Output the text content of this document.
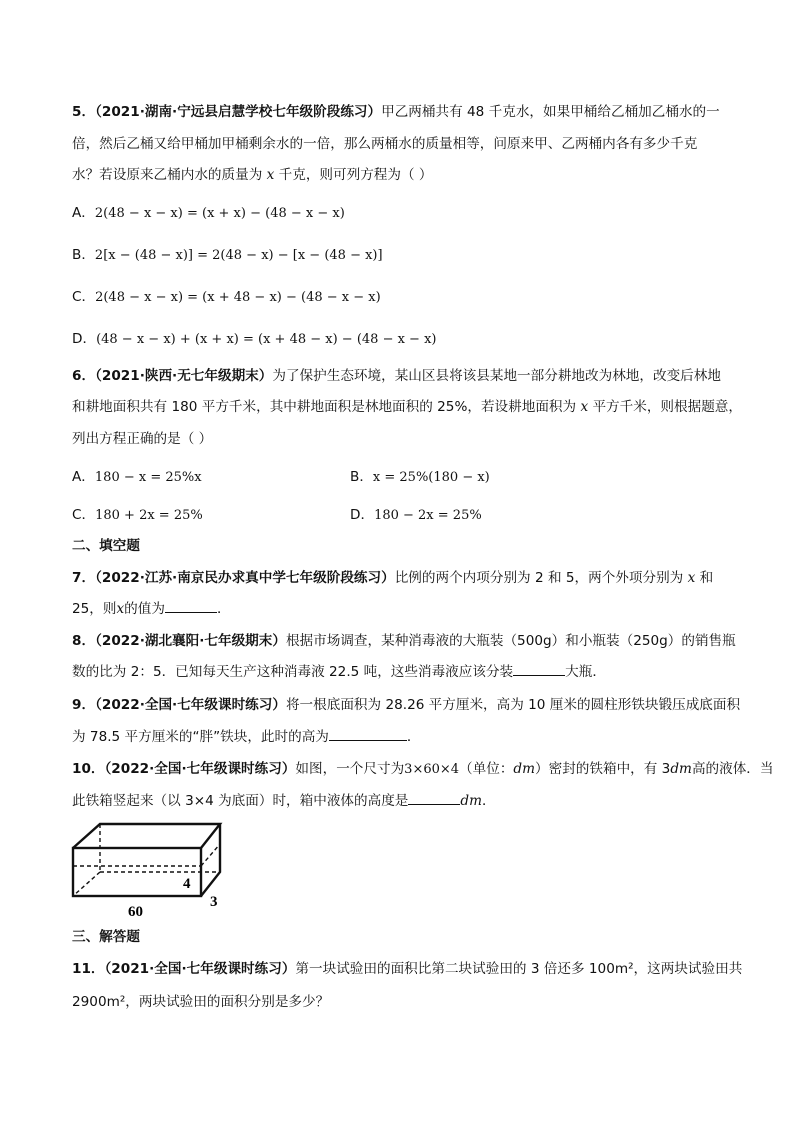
5．（2021·湖南·宁远县启慧学校七年级阶段练习）甲乙两桶共有 48 千克水，如果甲桶给乙桶加乙桶水的一
倍，然后乙桶又给甲桶加甲桶剩余水的一倍，那么两桶水的质量相等，问原来甲、乙两桶内各有多少千克
水？若设原来乙桶内水的质量为 x 千克，则可列方程为（ ）
A．2(48 − x − x) = (x + x) − (48 − x − x)
B．2[x − (48 − x)] = 2(48 − x) − [x − (48 − x)]
C．2(48 − x − x) = (x + 48 − x) − (48 − x − x)
D．(48 − x − x) + (x + x) = (x + 48 − x) − (48 − x − x)
6．（2021·陕西·无七年级期末）为了保护生态环境，某山区县将该县某地一部分耕地改为林地，改变后林地
和耕地面积共有 180 平方千米，其中耕地面积是林地面积的 25%，若设耕地面积为 x 平方千米，则根据题意，
列出方程正确的是（ ）
A．180 − x = 25%x	B．x = 25%(180 − x)
C．180 + 2x = 25%	D．180 − 2x = 25%
二、填空题
7．（2022·江苏·南京民办求真中学七年级阶段练习）比例的两个内项分别为 2 和 5，两个外项分别为 x 和
25，则x的值为	．
8．（2022·湖北襄阳·七年级期末）根据市场调查，某种消毒液的大瓶装（500g）和小瓶装（250g）的销售瓶
数的比为 2：5．已知每天生产这种消毒液 22.5 吨，这些消毒液应该分装	大瓶．
9．（2022·全国·七年级课时练习）将一根底面积为 28.26 平方厘米，高为 10 厘米的圆柱形铁块锻压成底面积
为 78.5 平方厘米的“胖”铁块，此时的高为	．
10．（2022·全国·七年级课时练习）如图，一个尺寸为3×60×4（单位：dm）密封的铁箱中，有 3dm高的液体．当
此铁箱竖起来（以 3×4 为底面）时，箱中液体的高度是	dm．
4
3
60
三、解答题
11．（2021·全国·七年级课时练习）第一块试验田的面积比第二块试验田的 3 倍还多 100m²，这两块试验田共
2900m²，两块试验田的面积分别是多少？
